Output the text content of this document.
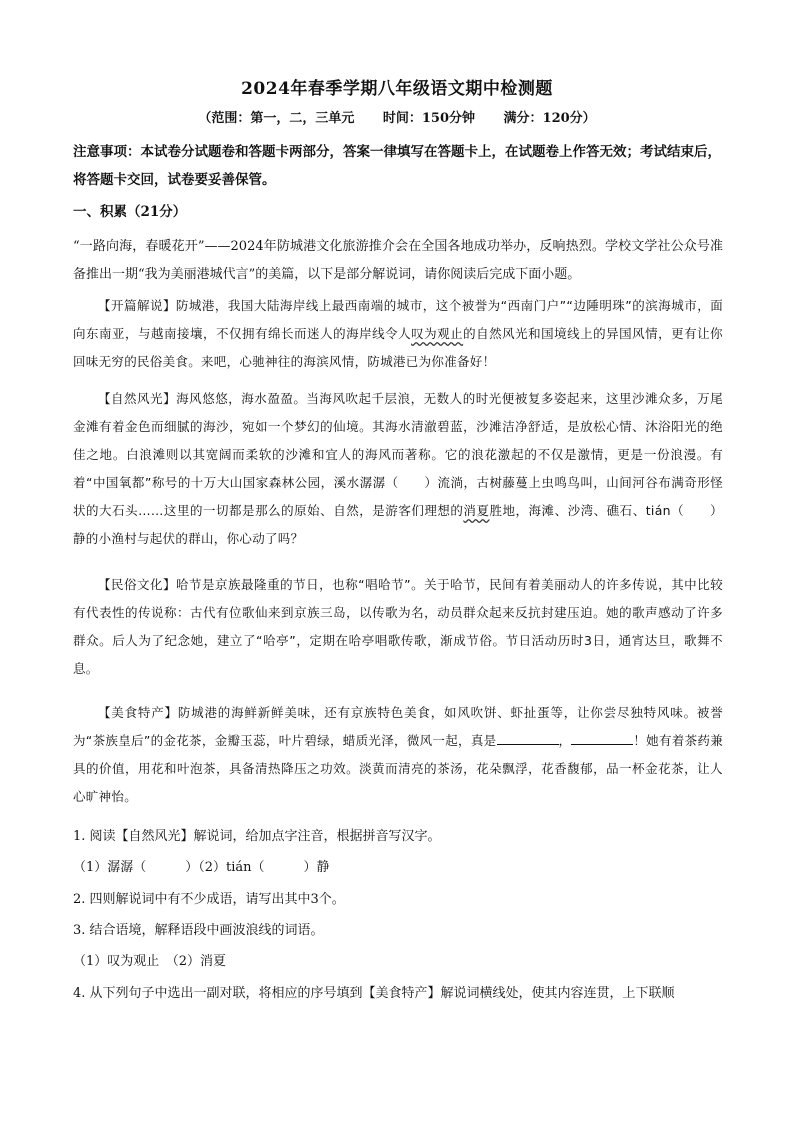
2024年春季学期八年级语文期中检测题
（范围：第一，二，三单元 时间：150分钟 满分：120分）
注意事项：本试卷分试题卷和答题卡两部分，答案一律填写在答题卡上，在试题卷上作答无效；考试结束后，将答题卡交回，试卷要妥善保管。
一、积累（21分）
“一路向海，春暖花开”——2024年防城港文化旅游推介会在全国各地成功举办，反响热烈。学校文学社公众号准备推出一期“我为美丽港城代言”的美篇，以下是部分解说词，请你阅读后完成下面小题。
【开篇解说】防城港，我国大陆海岸线上最西南端的城市，这个被誉为“西南门户”“边陲明珠”的滨海城市，面向东南亚，与越南接壤，不仅拥有绵长而迷人的海岸线令人叹为观止的自然风光和国境线上的异国风情，更有让你回味无穷的民俗美食。来吧，心驰神往的海滨风情，防城港已为你准备好！
【自然风光】海风悠悠，海水盈盈。当海风吹起千层浪，无数人的时光便被复多姿起来，这里沙滩众多，万尾金滩有着金色而细腻的海沙，宛如一个梦幻的仙境。其海水清澈碧蓝，沙滩洁净舒适，是放松心情、沐浴阳光的绝佳之地。白浪滩则以其宽阔而柔软的沙滩和宜人的海风而著称。它的浪花激起的不仅是激情，更是一份浪漫。有着“中国氧都”称号的十万大山国家森林公园，溪水潺潺（　　）流淌，古树藤蔓上虫鸣鸟叫，山间河谷布满奇形怪状的大石头……这里的一切都是那么的原始、自然，是游客们理想的消夏胜地，海滩、沙湾、礁石、tián（　　）静的小渔村与起伏的群山，你心动了吗？
【民俗文化】哈节是京族最隆重的节日，也称“唱哈节”。关于哈节，民间有着美丽动人的许多传说，其中比较有代表性的传说称：古代有位歌仙来到京族三岛，以传歌为名，动员群众起来反抗封建压迫。她的歌声感动了许多群众。后人为了纪念她，建立了“哈亭”，定期在哈亭唱歌传歌，渐成节俗。节日活动历时3日，通宵达旦，歌舞不息。
【美食特产】防城港的海鲜新鲜美味，还有京族特色美食，如风吹饼、虾扯蛋等，让你尝尽独特风味。被誉为“茶族皇后”的金花茶，金瓣玉蕊，叶片碧绿，蜡质光泽，微风一起，真是	，	！她有着茶药兼具的价值，用花和叶泡茶，具备清热降压之功效。淡黄而清亮的茶汤，花朵飘浮，花香馥郁，品一杯金花茶，让人心旷神怡。
1. 阅读【自然风光】解说词，给加点字注音，根据拼音写汉字。
（1）潺潺（　　　）（2）tián（　　　）静
2. 四则解说词中有不少成语，请写出其中3个。
3. 结合语境，解释语段中画波浪线的词语。
（1）叹为观止　（2）消夏
4. 从下列句子中选出一副对联，将相应的序号填到【美食特产】解说词横线处，使其内容连贯，上下联顺
